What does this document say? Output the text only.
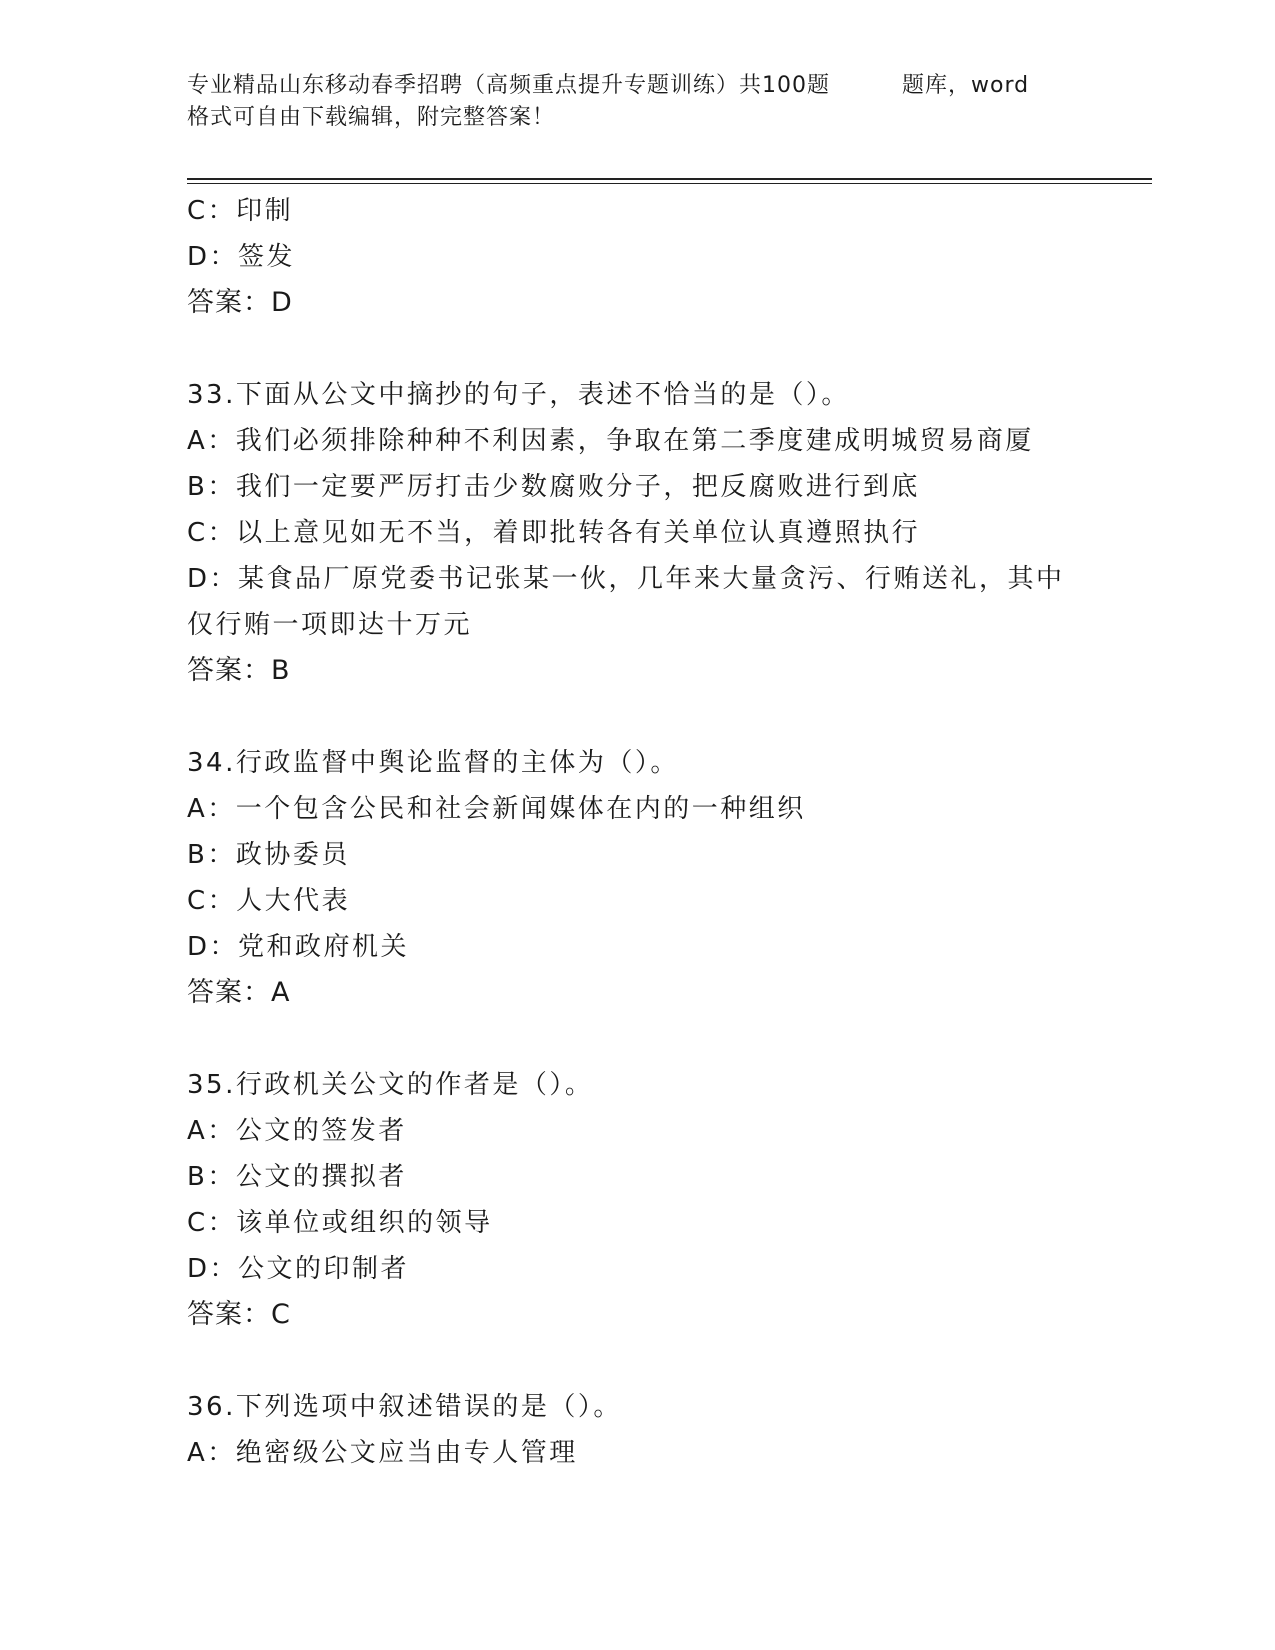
专业精品山东移动春季招聘（高频重点提升专题训练）共100题	题库，word
格式可自由下载编辑，附完整答案！
C：印制
D：签发
答案：D
33.下面从公文中摘抄的句子，表述不恰当的是（）。
A：我们必须排除种种不利因素，争取在第二季度建成明城贸易商厦
B：我们一定要严厉打击少数腐败分子，把反腐败进行到底
C：以上意见如无不当，着即批转各有关单位认真遵照执行
D：某食品厂原党委书记张某一伙，几年来大量贪污、行贿送礼，其中
仅行贿一项即达十万元
答案：B
34.行政监督中舆论监督的主体为（）。
A：一个包含公民和社会新闻媒体在内的一种组织
B：政协委员
C：人大代表
D：党和政府机关
答案：A
35.行政机关公文的作者是（）。
A：公文的签发者
B：公文的撰拟者
C：该单位或组织的领导
D：公文的印制者
答案：C
36.下列选项中叙述错误的是（）。
A：绝密级公文应当由专人管理
